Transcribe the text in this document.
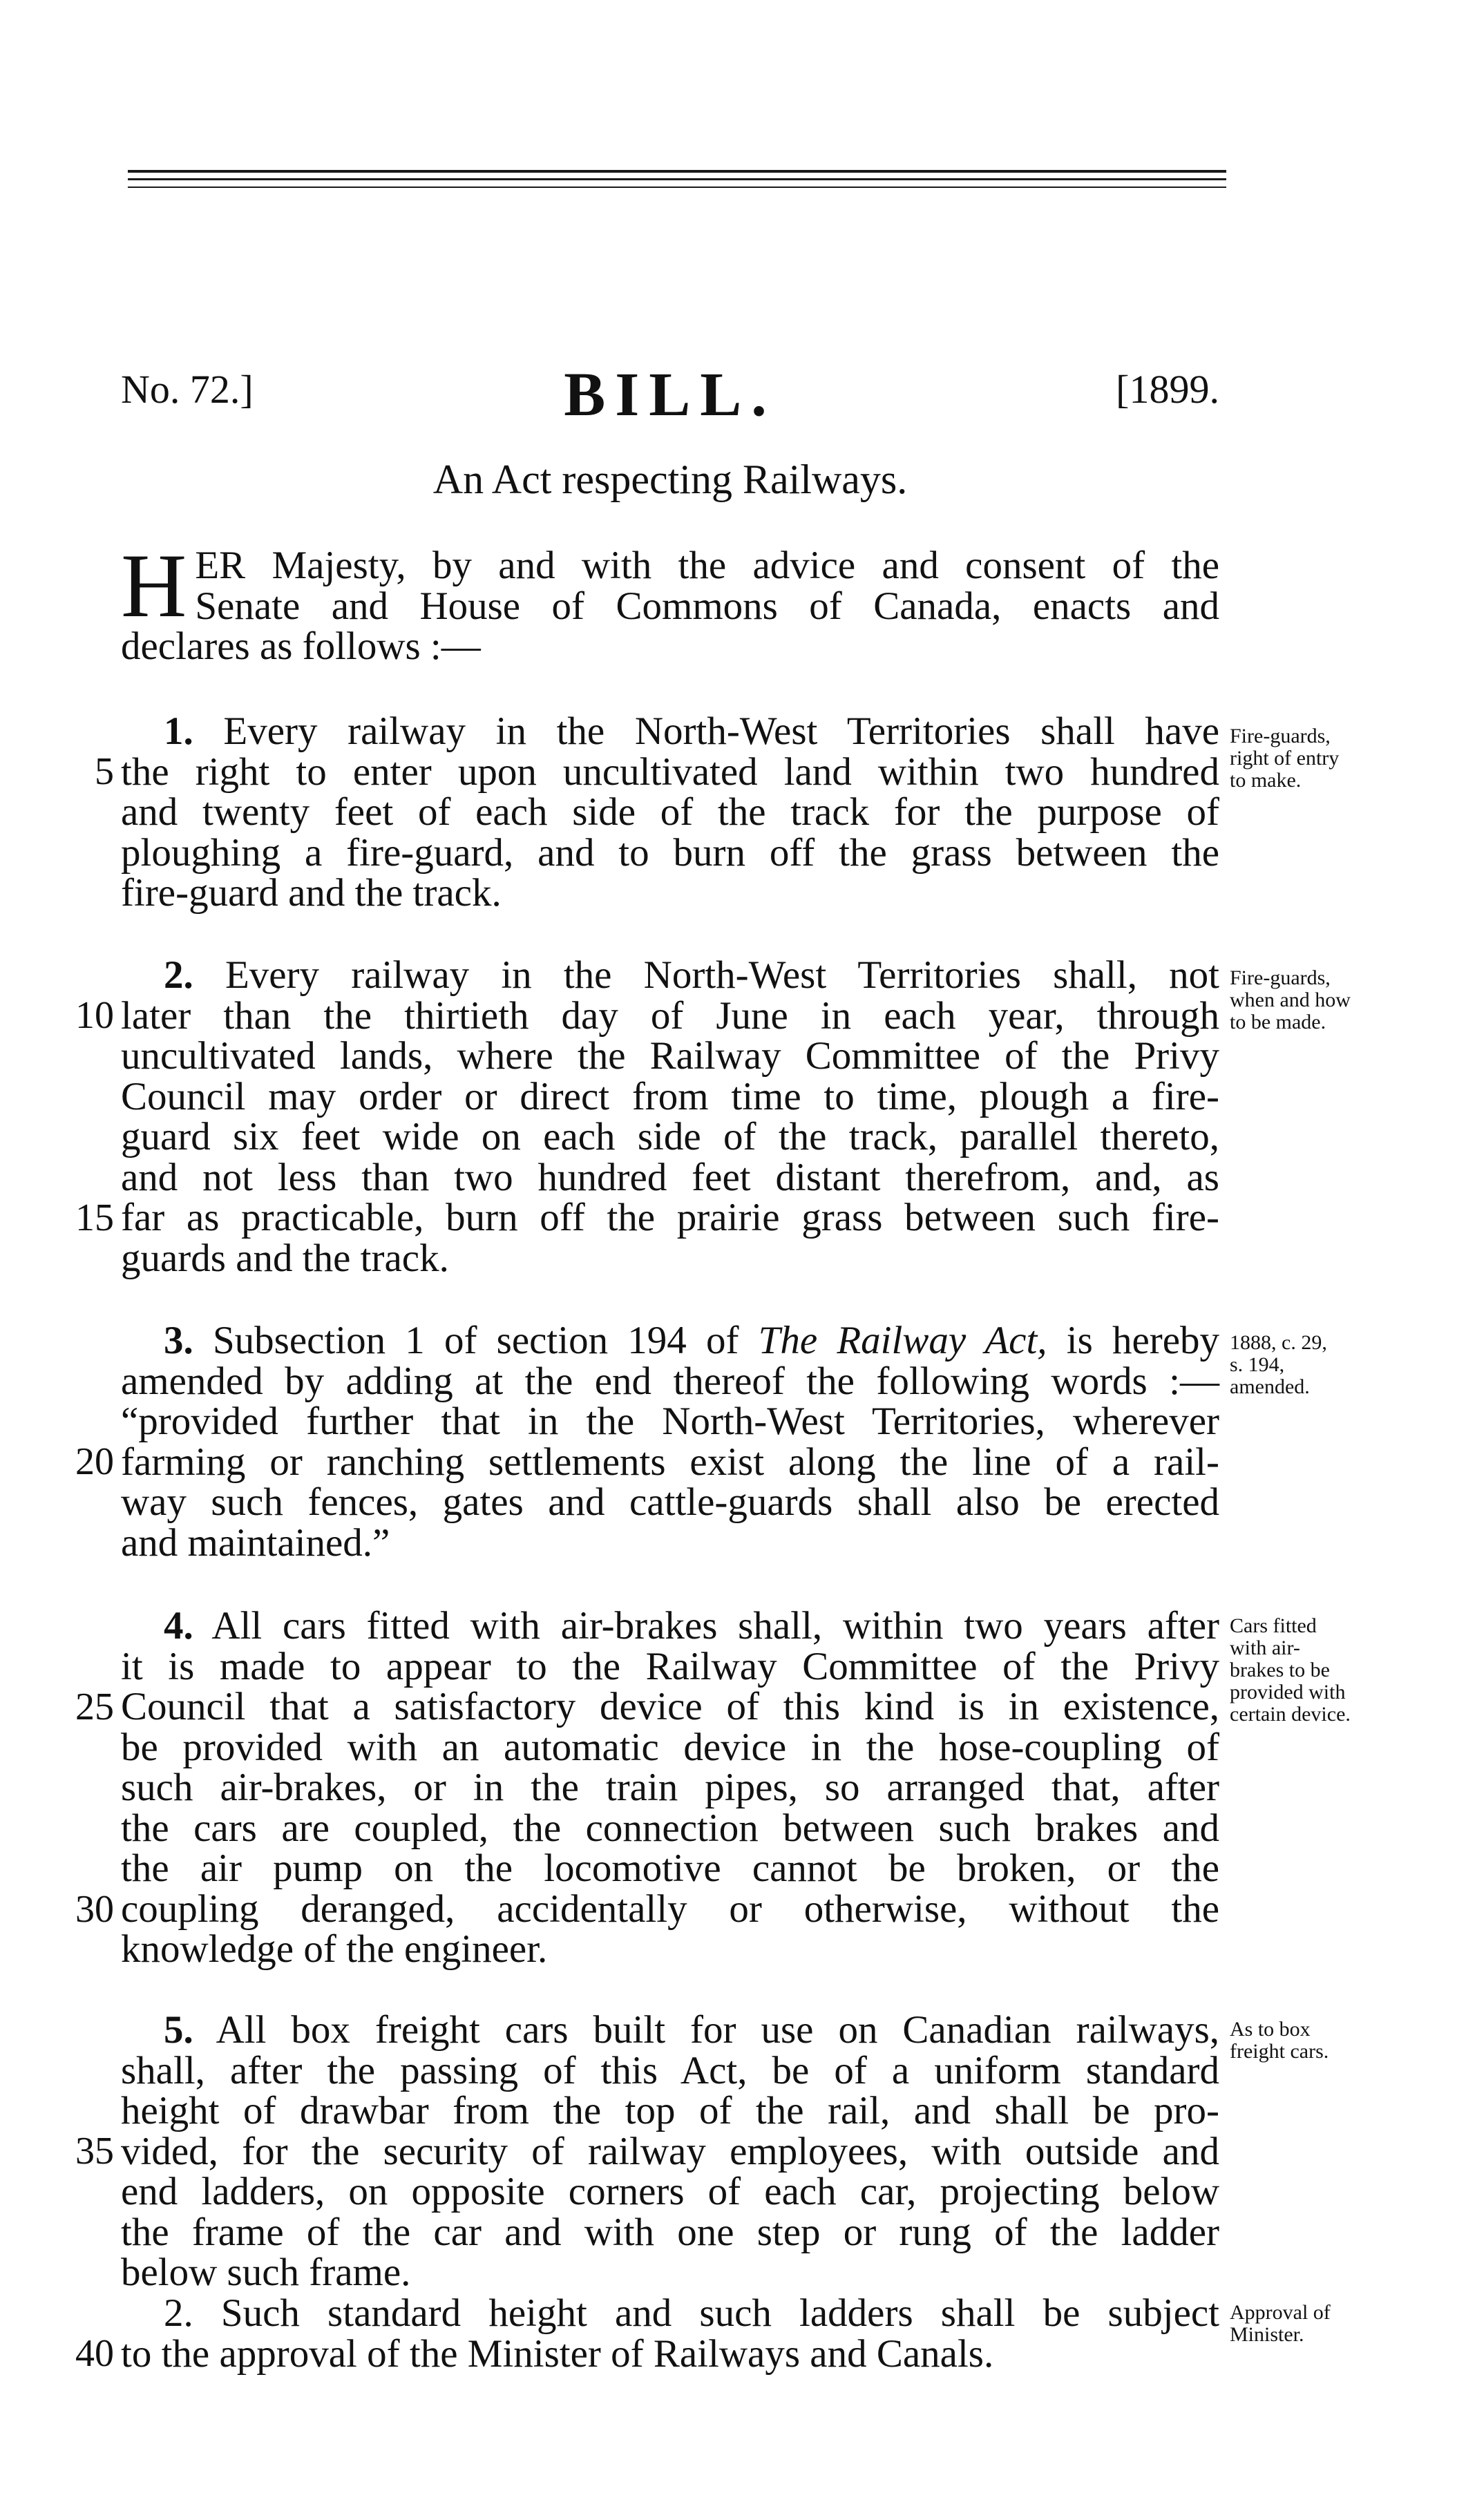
No. 72.]	BILL.	[1899.
An Act respecting Railways.
H ER Majesty, by and with the advice and consent of the
Senate and House of Commons of Canada, enacts and
declares as follows :—
1. Every railway in the North-West Territories shall have
the right to enter upon uncultivated land within two hundred
and twenty feet of each side of the track for the purpose of
ploughing a fire-guard, and to burn off the grass between the
fire-guard and the track.
Fire-guards,
right of entry
to make.
2. Every railway in the North-West Territories shall, not
later than the thirtieth day of June in each year, through
uncultivated lands, where the Railway Committee of the Privy
Council may order or direct from time to time, plough a fire-
guard six feet wide on each side of the track, parallel thereto,
and not less than two hundred feet distant therefrom, and, as
far as practicable, burn off the prairie grass between such fire-
guards and the track.
Fire-guards,
when and how
to be made.
3. Subsection 1 of section 194 of The Railway Act, is hereby
amended by adding at the end thereof the following words :—
“provided further that in the North-West Territories, wherever
farming or ranching settlements exist along the line of a rail-
way such fences, gates and cattle-guards shall also be erected
and maintained.”
1888, c. 29,
s. 194,
amended.
4. All cars fitted with air-brakes shall, within two years after
it is made to appear to the Railway Committee of the Privy
Council that a satisfactory device of this kind is in existence,
be provided with an automatic device in the hose-coupling of
such air-brakes, or in the train pipes, so arranged that, after
the cars are coupled, the connection between such brakes and
the air pump on the locomotive cannot be broken, or the
coupling deranged, accidentally or otherwise, without the
knowledge of the engineer.
Cars fitted
with air-
brakes to be
provided with
certain device.
5. All box freight cars built for use on Canadian railways,
shall, after the passing of this Act, be of a uniform standard
height of drawbar from the top of the rail, and shall be pro-
vided, for the security of railway employees, with outside and
end ladders, on opposite corners of each car, projecting below
the frame of the car and with one step or rung of the ladder
below such frame.
As to box
freight cars.
2. Such standard height and such ladders shall be subject
to the approval of the Minister of Railways and Canals.
Approval of
Minister.
5
10
15
20
25
30
35
40
